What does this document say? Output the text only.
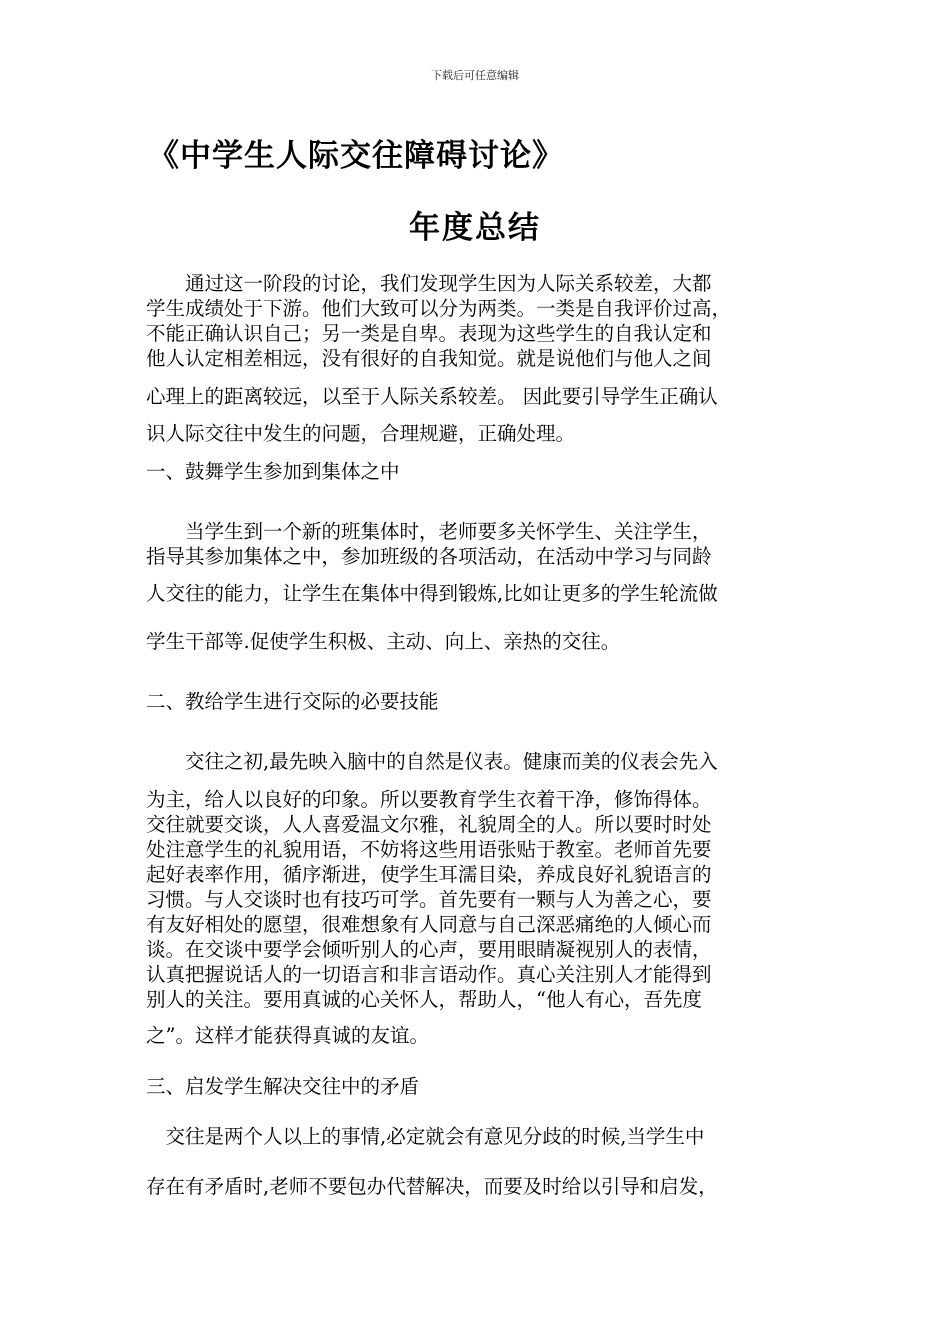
下载后可任意编辑
《中学生人际交往障碍讨论》
年度总结
　　通过这一阶段的讨论，我们发现学生因为人际关系较差，大都
学生成绩处于下游。他们大致可以分为两类。一类是自我评价过高，
不能正确认识自己；另一类是自卑。表现为这些学生的自我认定和
他人认定相差相远，没有很好的自我知觉。就是说他们与他人之间
心理上的距离较远，以至于人际关系较差。 因此要引导学生正确认
识人际交往中发生的问题，合理规避，正确处理。
一、鼓舞学生参加到集体之中
　　当学生到一个新的班集体时，老师要多关怀学生、关注学生，
指导其参加集体之中，参加班级的各项活动，在活动中学习与同龄
人交往的能力，让学生在集体中得到锻炼,比如让更多的学生轮流做
学生干部等.促使学生积极、主动、向上、亲热的交往。
二、教给学生进行交际的必要技能
　　交往之初,最先映入脑中的自然是仪表。健康而美的仪表会先入
为主，给人以良好的印象。所以要教育学生衣着干净，修饰得体。
交往就要交谈，人人喜爱温文尔雅，礼貌周全的人。所以要时时处
处注意学生的礼貌用语，不妨将这些用语张贴于教室。老师首先要
起好表率作用，循序渐进，使学生耳濡目染，养成良好礼貌语言的
习惯。与人交谈时也有技巧可学。首先要有一颗与人为善之心，要
有友好相处的愿望，很难想象有人同意与自己深恶痛绝的人倾心而
谈。在交谈中要学会倾听别人的心声，要用眼睛凝视别人的表情，
认真把握说话人的一切语言和非言语动作。真心关注别人才能得到
别人的关注。要用真诚的心关怀人，帮助人，“他人有心，吾先度
之”。这样才能获得真诚的友谊。
三、启发学生解决交往中的矛盾
　交往是两个人以上的事情,必定就会有意见分歧的时候,当学生中
存在有矛盾时,老师不要包办代替解决，而要及时给以引导和启发，
